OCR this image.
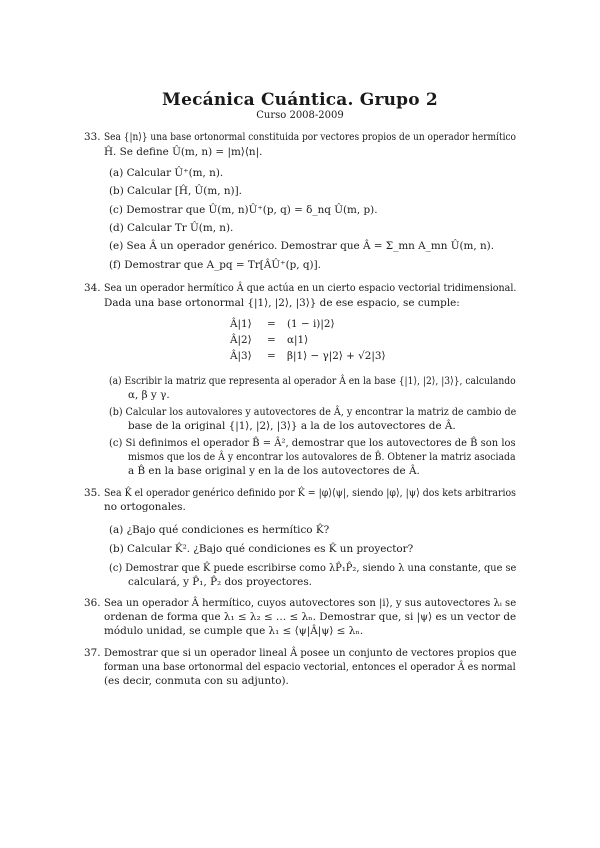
Mecánica Cuántica. Grupo 2
Curso 2008-2009
33. Sea {|n⟩} una base ortonormal constituida por vectores propios de un operador hermítico
Ĥ. Se define Û(m, n) = |m⟩⟨n|.
(a) Calcular Û⁺(m, n).
(b) Calcular [Ĥ, Û(m, n)].
(c) Demostrar que Û(m, n)Û⁺(p, q) = δ_nq Û(m, p).
(d) Calcular Tr Û(m, n).
(e) Sea Â un operador genérico. Demostrar que Â = Σ_mn A_mn Û(m, n).
(f) Demostrar que A_pq = Tr[ÂÛ⁺(p, q)].
34. Sea un operador hermítico Â que actúa en un cierto espacio vectorial tridimensional.
Dada una base ortonormal {|1⟩, |2⟩, |3⟩} de ese espacio, se cumple:
Â|1⟩ = (1 − i)|2⟩
Â|2⟩ = α|1⟩
Â|3⟩ = β|1⟩ − γ|2⟩ + √2|3⟩
(a) Escribir la matriz que representa al operador Â en la base {|1⟩, |2⟩, |3⟩}, calculando
α, β y γ.
(b) Calcular los autovalores y autovectores de Â, y encontrar la matriz de cambio de
base de la original {|1⟩, |2⟩, |3⟩} a la de los autovectores de Â.
(c) Si definimos el operador B̂ = Â², demostrar que los autovectores de B̂ son los
mismos que los de Â y encontrar los autovalores de B̂. Obtener la matriz asociada
a B̂ en la base original y en la de los autovectores de Â.
35. Sea K̂ el operador genérico definido por K̂ = |φ⟩⟨ψ|, siendo |φ⟩, |ψ⟩ dos kets arbitrarios
no ortogonales.
(a) ¿Bajo qué condiciones es hermítico K̂?
(b) Calcular K̂². ¿Bajo qué condiciones es K̂ un proyector?
(c) Demostrar que K̂ puede escribirse como λP̂₁P̂₂, siendo λ una constante, que se
calculará, y P̂₁, P̂₂ dos proyectores.
36. Sea un operador Â hermítico, cuyos autovectores son |i⟩, y sus autovectores λᵢ se
ordenan de forma que λ₁ ≤ λ₂ ≤ … ≤ λₙ. Demostrar que, si |ψ⟩ es un vector de
módulo unidad, se cumple que λ₁ ≤ ⟨ψ|Â|ψ⟩ ≤ λₙ.
37. Demostrar que si un operador lineal Â posee un conjunto de vectores propios que
forman una base ortonormal del espacio vectorial, entonces el operador Â es normal
(es decir, conmuta con su adjunto).
